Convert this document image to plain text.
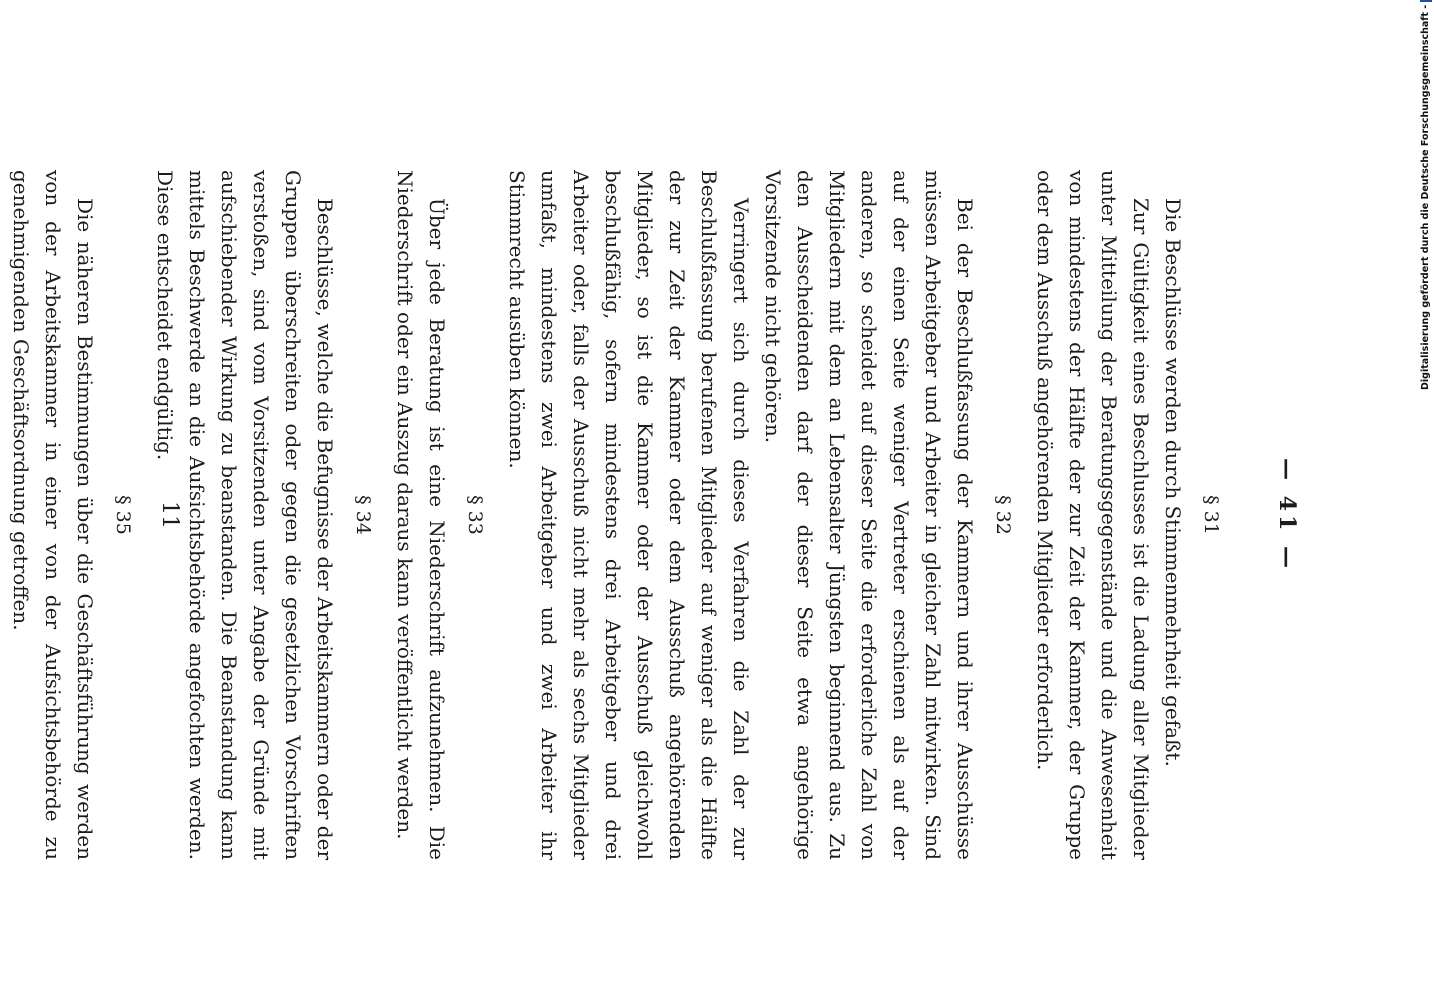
— 41 —
§ 31

Die Beschlüsse werden durch Stimmenmehrheit gefaßt.

Zur Gültigkeit eines Beschlusses ist die Ladung aller Mitglieder unter Mitteilung der Beratungsgegenstände und die Anwesenheit von mindestens der Hälfte der zur Zeit der Kammer, der Gruppe oder dem Ausschuß angehörenden Mitglieder erforderlich.

§ 32

Bei der Beschlußfassung der Kammern und ihrer Ausschüsse müssen Arbeitgeber und Arbeiter in gleicher Zahl mitwirken. Sind auf der einen Seite weniger Vertreter erschienen als auf der anderen, so scheidet auf dieser Seite die erforderliche Zahl von Mitgliedern mit dem an Lebensalter Jüngsten beginnend aus. Zu den Ausscheidenden darf der dieser Seite etwa angehörige Vorsitzende nicht gehören.

Verringert sich durch dieses Verfahren die Zahl der zur Beschlußfassung berufenen Mitglieder auf weniger als die Hälfte der zur Zeit der Kammer oder dem Ausschuß angehörenden Mitglieder, so ist die Kammer oder der Ausschuß gleichwohl beschlußfähig, sofern mindestens drei Arbeitgeber und drei Arbeiter oder, falls der Ausschuß nicht mehr als sechs Mitglieder umfaßt, mindestens zwei Arbeitgeber und zwei Arbeiter ihr Stimmrecht ausüben können.

§ 33

Über jede Beratung ist eine Niederschrift aufzunehmen. Die Niederschrift oder ein Auszug daraus kann veröffentlicht werden.

§ 34

Beschlüsse, welche die Befugnisse der Arbeitskammern oder der Gruppen überschreiten oder gegen die gesetzlichen Vorschriften verstoßen, sind vom Vorsitzenden unter Angabe der Gründe mit aufschiebender Wirkung zu beanstanden. Die Beanstandung kann mittels Beschwerde an die Aufsichtsbehörde angefochten werden. Diese entscheidet endgültig.

§ 35

Die näheren Bestimmungen über die Geschäftsführung werden von der Arbeitskammer in einer von der Aufsichtsbehörde zu genehmigenden Geschäftsordnung getroffen.	11
Digitalisierung gefördert durch die Deutsche Forschungsgemeinschaft -
